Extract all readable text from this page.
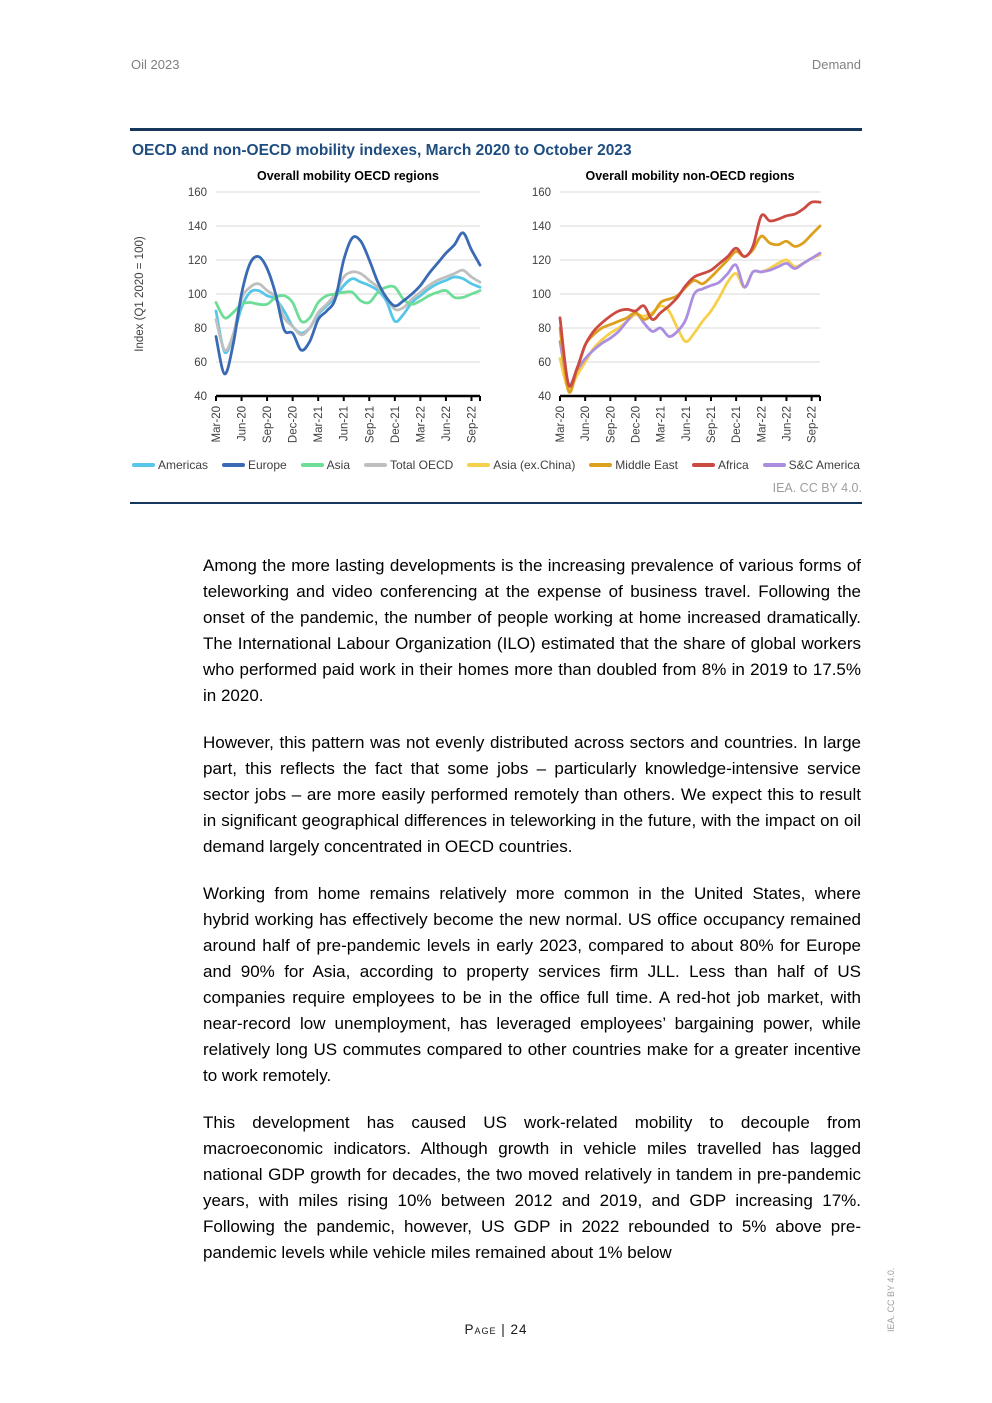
Oil 2023	Demand
OECD and non-OECD mobility indexes, March 2020 to October 2023
40
60
80
100
120
140
160
Mar-20 Jun-20 Sep-20 Dec-20 Mar-21 Jun-21 Sep-21 Dec-21 Mar-22 Jun-22 Sep-22
Overall mobility OECD regions
Index (Q1 2020 = 100)
40
60
80
100
120
140
160
Mar-20 Jun-20 Sep-20 Dec-20 Mar-21 Jun-21 Sep-21 Dec-21 Mar-22 Jun-22 Sep-22
Overall mobility non-OECD regions
Americas	Europe	Asia	Total OECD	Asia (ex.China)	Middle East	Africa	S&C America
IEA. CC BY 4.0.

Among the more lasting developments is the increasing prevalence of various forms of teleworking and video conferencing at the expense of business travel. Following the onset of the pandemic, the number of people working at home increased dramatically. The International Labour Organization (ILO) estimated that the share of global workers who performed paid work in their homes more than doubled from 8% in 2019 to 17.5% in 2020.

However, this pattern was not evenly distributed across sectors and countries. In large part, this reflects the fact that some jobs – particularly knowledge-intensive service sector jobs – are more easily performed remotely than others. We expect this to result in significant geographical differences in teleworking in the future, with the impact on oil demand largely concentrated in OECD countries.

Working from home remains relatively more common in the United States, where hybrid working has effectively become the new normal. US office occupancy remained around half of pre-pandemic levels in early 2023, compared to about 80% for Europe and 90% for Asia, according to property services firm JLL. Less than half of US companies require employees to be in the office full time. A red-hot job market, with near-record low unemployment, has leveraged employees’ bargaining power, while relatively long US commutes compared to other countries make for a greater incentive to work remotely.

This development has caused US work-related mobility to decouple from macroeconomic indicators. Although growth in vehicle miles travelled has lagged national GDP growth for decades, the two moved relatively in tandem in pre-pandemic years, with miles rising 10% between 2012 and 2019, and GDP increasing 17%. Following the pandemic, however, US GDP in 2022 rebounded to 5% above pre-pandemic levels while vehicle miles remained about 1% below

Page | 24	IEA. CC BY 4.0.
